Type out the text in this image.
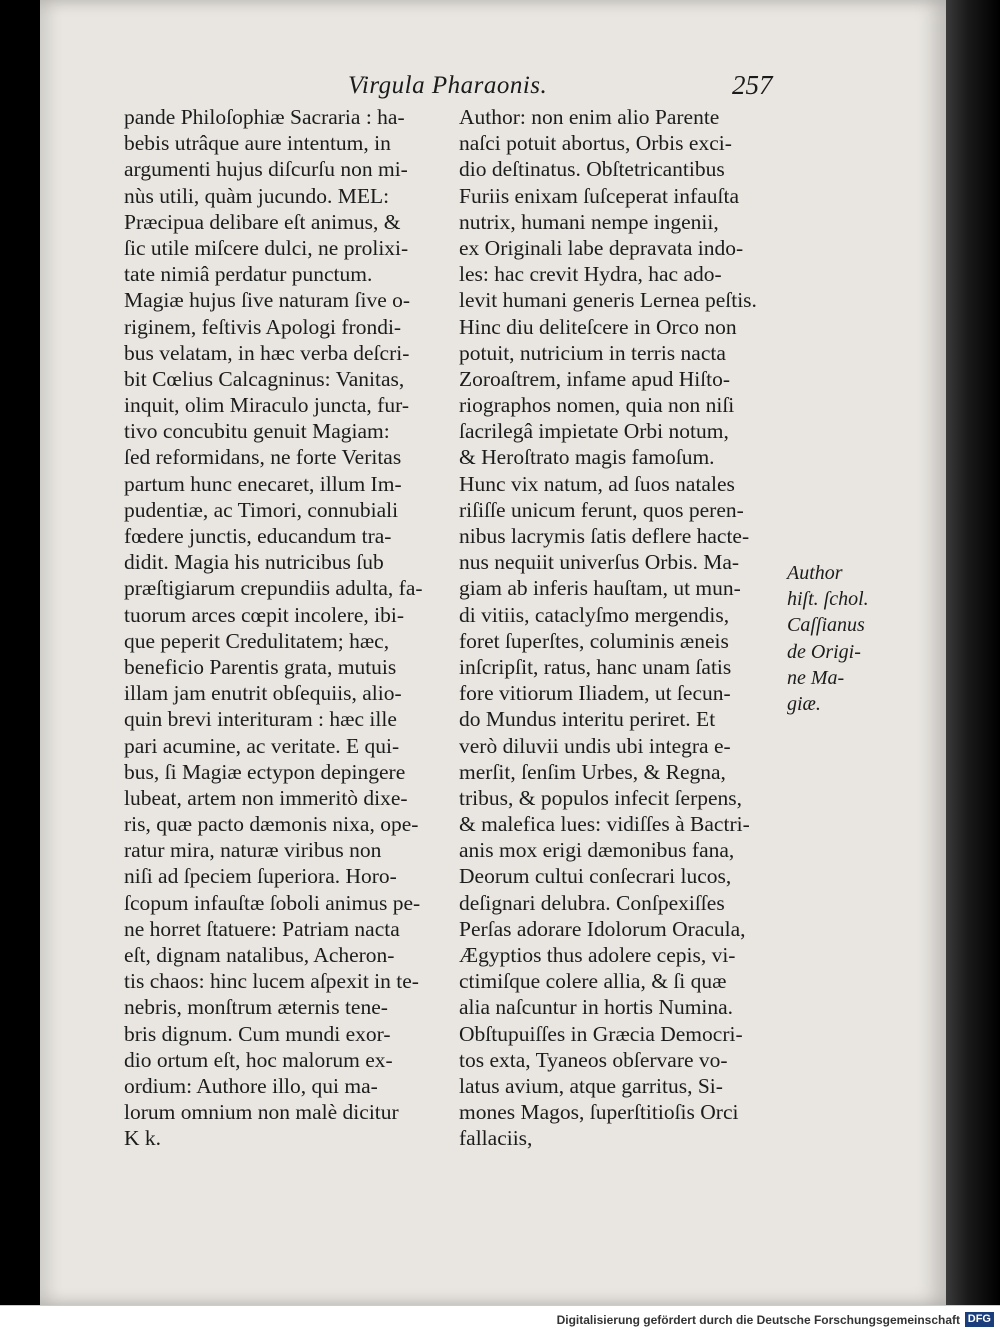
Virgula Pharaonis.	257
pande Philoſophiæ Sacraria : ha-
bebis utrâque aure intentum, in
argumenti hujus diſcurſu non mi-
nùs utili, quàm jucundo. MEL:
Præcipua delibare eſt animus, &
ſic utile miſcere dulci, ne prolixi-
tate nimiâ perdatur punctum.
Magiæ hujus ſive naturam ſive o-
riginem, feſtivis Apologi frondi-
bus velatam, in hæc verba deſcri-
bit Cœlius Calcagninus: Vanitas,
inquit, olim Miraculo juncta, fur-
tivo concubitu genuit Magiam:
ſed reformidans, ne forte Veritas
partum hunc enecaret, illum Im-
pudentiæ, ac Timori, connubiali
fœdere junctis, educandum tra-
didit. Magia his nutricibus ſub
præſtigiarum crepundiis adulta, fa-
tuorum arces cœpit incolere, ibi-
que peperit Credulitatem; hæc,
beneficio Parentis grata, mutuis
illam jam enutrit obſequiis, alio-
quin brevi interituram : hæc ille
pari acumine, ac veritate. E qui-
bus, ſi Magiæ ectypon depingere
lubeat, artem non immeritò dixe-
ris, quæ pacto dæmonis nixa, ope-
ratur mira, naturæ viribus non
niſi ad ſpeciem ſuperiora. Horo-
ſcopum infauſtæ ſoboli animus pe-
ne horret ſtatuere: Patriam nacta
eſt, dignam natalibus, Acheron-
tis chaos: hinc lucem aſpexit in te-
nebris, monſtrum æternis tene-
bris dignum. Cum mundi exor-
dio ortum eſt, hoc malorum ex-
ordium: Authore illo, qui ma-
lorum omnium non malè dicitur
K k.
Author: non enim alio Parente
naſci potuit abortus, Orbis exci-
dio deſtinatus. Obſtetricantibus
Furiis enixam ſuſceperat infauſta
nutrix, humani nempe ingenii,
ex Originali labe depravata indo-
les: hac crevit Hydra, hac ado-
levit humani generis Lernea peſtis.
Hinc diu deliteſcere in Orco non
potuit, nutricium in terris nacta
Zoroaſtrem, infame apud Hiſto-
riographos nomen, quia non niſi
ſacrilegâ impietate Orbi notum,
& Heroſtrato magis famoſum.
Hunc vix natum, ad ſuos natales
riſiſſe unicum ferunt, quos peren-
nibus lacrymis ſatis deflere hacte-
nus nequiit univerſus Orbis. Ma-
giam ab inferis hauſtam, ut mun-
di vitiis, cataclyſmo mergendis,
foret ſuperſtes, columinis æneis
inſcripſit, ratus, hanc unam ſatis
fore vitiorum Iliadem, ut ſecun-
do Mundus interitu periret. Et
verò diluvii undis ubi integra e-
merſit, ſenſim Urbes, & Regna,
tribus, & populos infecit ſerpens,
& malefica lues: vidiſſes à Bactri-
anis mox erigi dæmonibus fana,
Deorum cultui conſecrari lucos,
deſignari delubra. Conſpexiſſes
Perſas adorare Idolorum Oracula,
Ægyptios thus adolere cepis, vi-
ctimiſque colere allia, & ſi quæ
alia naſcuntur in hortis Numina.
Obſtupuiſſes in Græcia Democri-
tos exta, Tyaneos obſervare vo-
latus avium, atque garritus, Si-
mones Magos, ſuperſtitioſis Orci
fallaciis,
Author
hiſt. ſchol.
Caſſianus
de Origi-
ne Ma-
giæ.
Digitalisierung gefördert durch die Deutsche Forschungsgemeinschaft DFG
